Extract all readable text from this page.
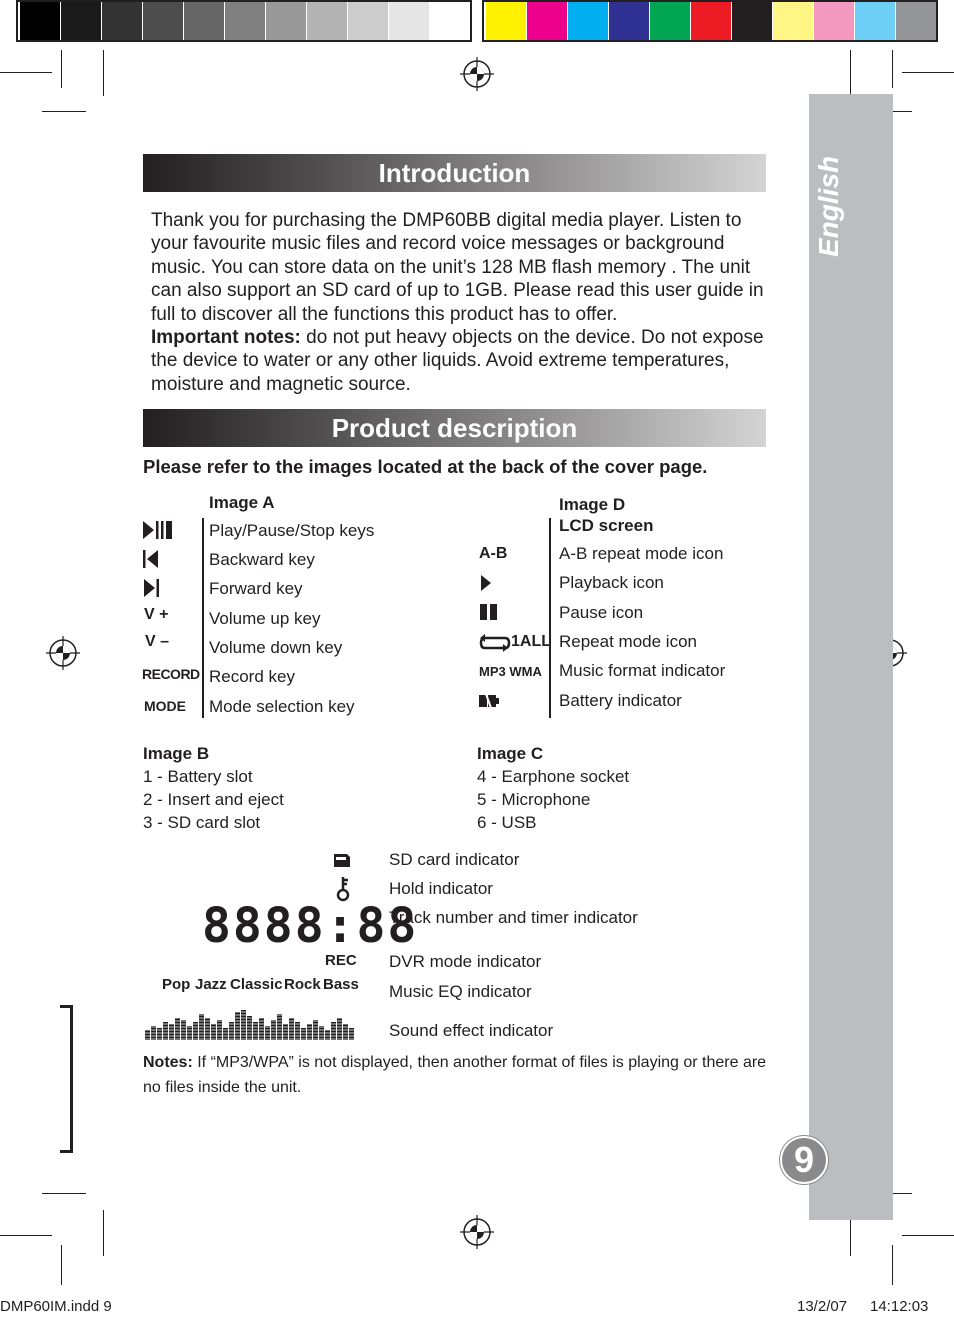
English
Introduction
Thank you for purchasing the DMP60BB digital media player. Listen to your favourite music files and record voice messages or background music. You can store data on the unit’s 128 MB flash memory . The unit can also support an SD card of up to 1GB. Please read this user guide in full to discover all the functions this product has to offer.
Important notes: do not put heavy objects on the device. Do not expose the device to water or any other liquids. Avoid extreme temperatures, moisture and magnetic source.
Product description
Please refer to the images located at the back of the cover page.
Image A
Play/Pause/Stop keys
Backward key
Forward key
V + Volume up key
V – Volume down key
RECORD Record key
MODE Mode selection key
Image D
LCD screen
A-B	A-B repeat mode icon
Playback icon
Pause icon
1ALL Repeat mode icon
MP3 WMA Music format indicator
Battery indicator
Image B
1 - Battery slot
2 - Insert and eject
3 - SD card slot
Image C
4 - Earphone socket
5 - Microphone
6 - USB
8888:88
REC
Pop Jazz Classic Rock Bass
SD card indicator
Hold indicator
Track number and timer indicator
DVR mode indicator
Music EQ indicator
Sound effect indicator
Notes: If “MP3/WPA” is not displayed, then another format of files is playing or there are no files inside the unit.
9
DMP60IM.indd 9	13/2/07 14:12:03
